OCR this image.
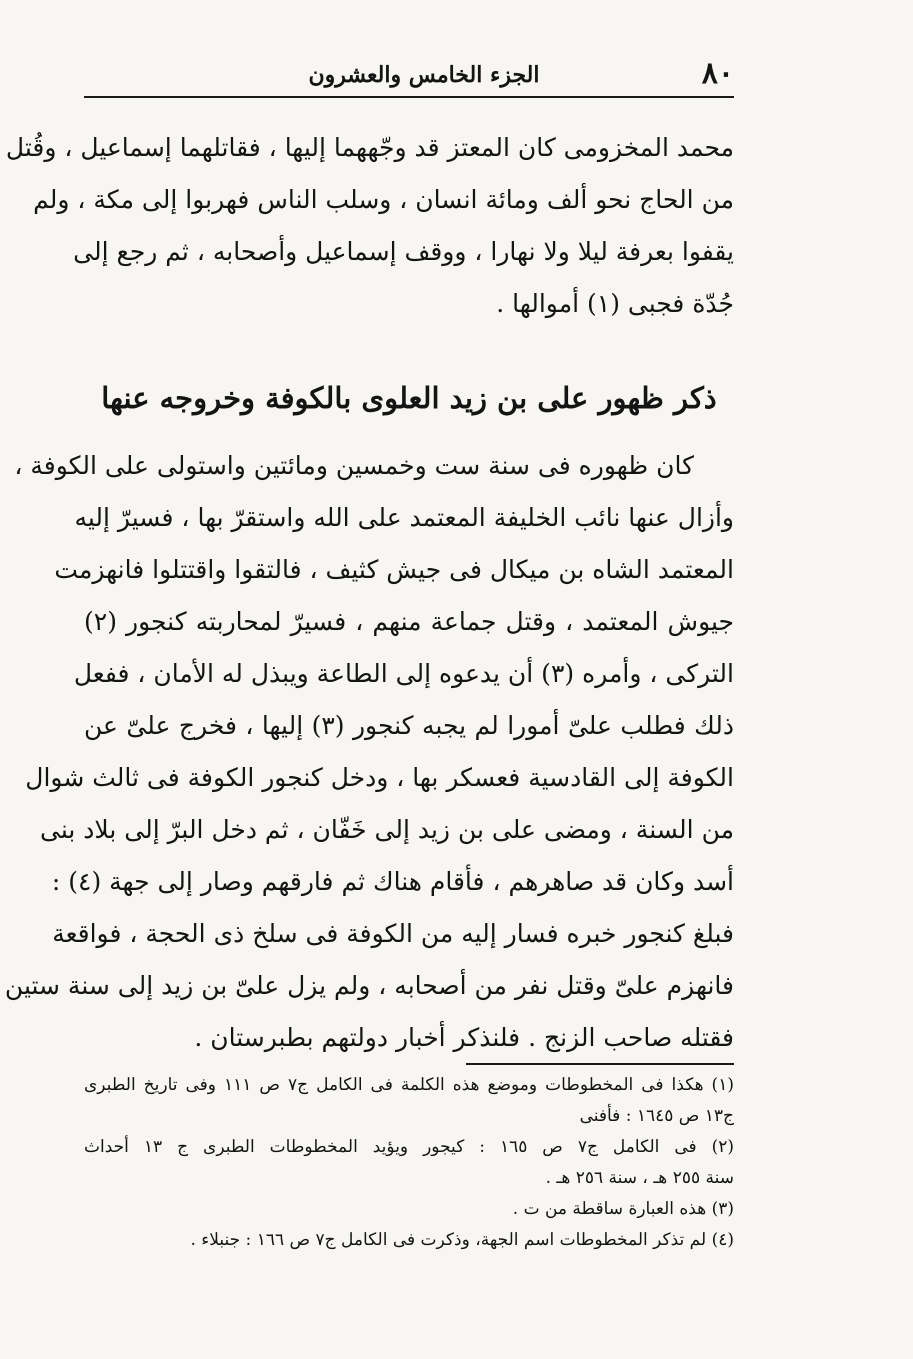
٨٠
الجزء الخامس والعشرون
محمد المخزومى كان المعتز قد وجّههما إليها ، فقاتلهما إسماعيل ، وقُتل
من الحاج نحو ألف ومائة انسان ، وسلب الناس فهربوا إلى مكة ، ولم
يقفوا بعرفة ليلا ولا نهارا ، ووقف إسماعيل وأصحابه ، ثم رجع إلى
جُدّة فجبى (١) أموالها .
ذكر ظهور على بن زيد العلوى بالكوفة وخروجه عنها
كان ظهوره فى سنة ست وخمسين ومائتين واستولى على الكوفة ،
وأزال عنها نائب الخليفة المعتمد على الله واستقرّ بها ، فسيرّ إليه
المعتمد الشاه بن ميكال فى جيش كثيف ، فالتقوا واقتتلوا فانهزمت
جيوش المعتمد ، وقتل جماعة منهم ، فسيرّ لمحاربته كنجور (٢)
التركى ، وأمره (٣) أن يدعوه إلى الطاعة ويبذل له الأمان ، ففعل
ذلك فطلب علىّ أمورا لم يجبه كنجور (٣) إليها ، فخرج علىّ عن
الكوفة إلى القادسية فعسكر بها ، ودخل كنجور الكوفة فى ثالث شوال
من السنة ، ومضى على بن زيد إلى خَفّان ، ثم دخل البرّ إلى بلاد بنى
أسد وكان قد صاهرهم ، فأقام هناك ثم فارقهم وصار إلى جهة (٤) :
فبلغ كنجور خبره فسار إليه من الكوفة فى سلخ ذى الحجة ، فواقعة
فانهزم علىّ وقتل نفر من أصحابه ، ولم يزل علىّ بن زيد إلى سنة ستين
فقتله صاحب الزنج . فلنذكر أخبار دولتهم بطبرستان .
(١) هكذا فى المخطوطات وموضع هذه الكلمة فى الكامل ج٧ ص ١١١ وفى تاريخ الطبرى
ج١٣ ص ١٦٤٥ : فأفنى
(٢) فى الكامل ج٧ ص ١٦٥ : كيجور ويؤيد المخطوطات الطبرى ج ١٣ أحداث
سنة ٢٥٥ هـ ، سنة ٢٥٦ هـ .
(٣) هذه العبارة ساقطة من ت .
(٤) لم تذكر المخطوطات اسم الجهة، وذكرت فى الكامل ج٧ ص ١٦٦ : جنبلاء .
